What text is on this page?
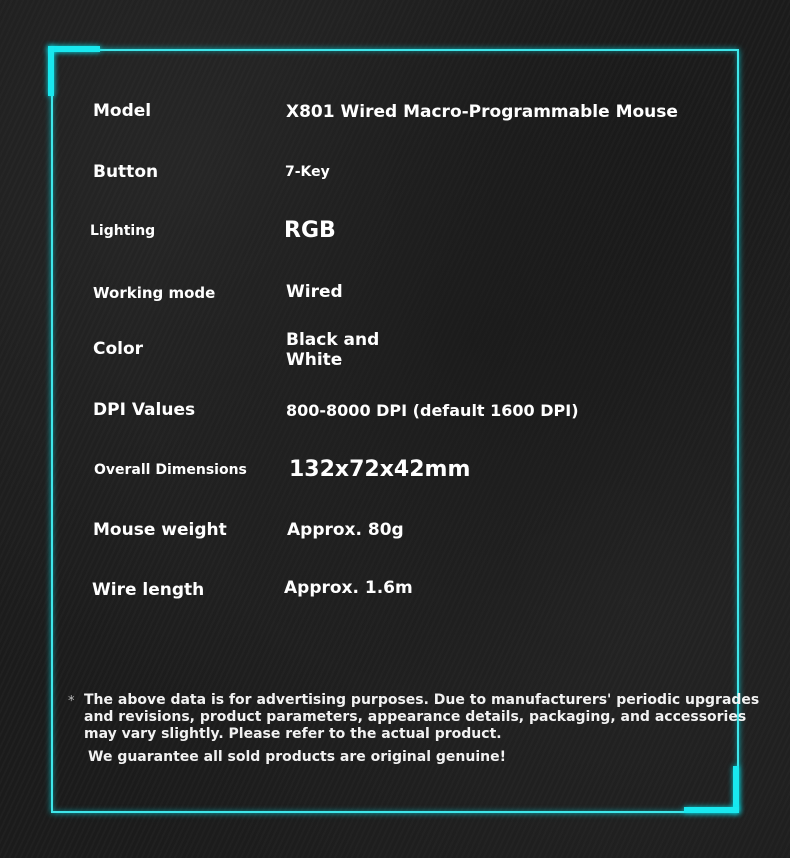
Model	X801 Wired Macro-Programmable Mouse
Button	7-Key
Lighting	RGB
Working mode	Wired
Color	Black and
White
DPI Values	800-8000 DPI (default 1600 DPI)
Overall Dimensions 132x72x42mm
Mouse weight	Approx. 80g
Wire length	Approx. 1.6m
* The above data is for advertising purposes. Due to manufacturers' periodic upgrades
and revisions, product parameters, appearance details, packaging, and accessories
may vary slightly. Please refer to the actual product.
We guarantee all sold products are original genuine!
